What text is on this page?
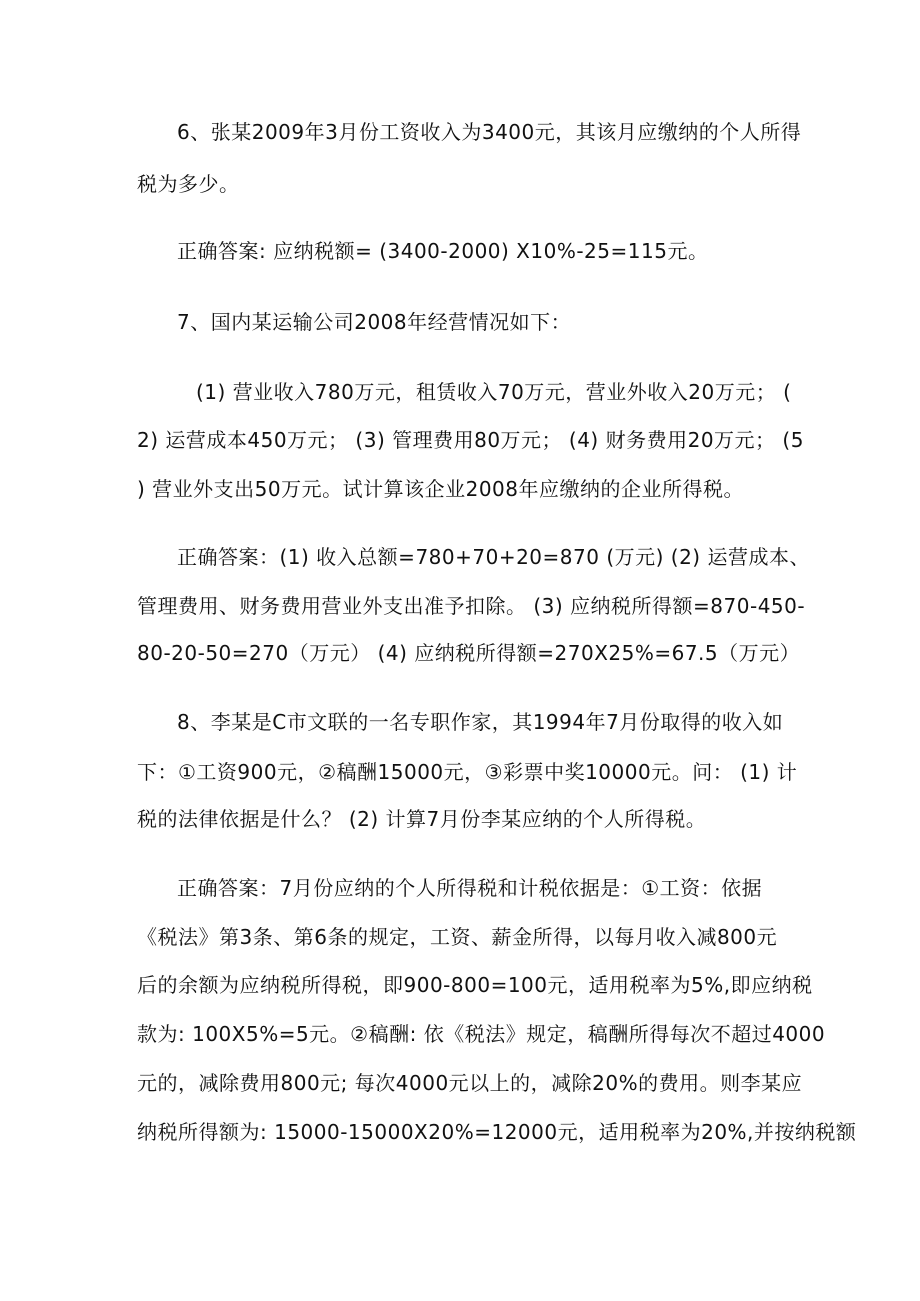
6、张某2009年3月份工资收入为3400元，其该月应缴纳的个人所得
税为多少。
正确答案: 应纳税额= (3400-2000) X10%-25=115元。
7、国内某运输公司2008年经营情况如下：
(1) 营业收入780万元，租赁收入70万元，营业外收入20万元； (
2) 运营成本450万元； (3) 管理费用80万元； (4) 财务费用20万元； (5
) 营业外支出50万元。试计算该企业2008年应缴纳的企业所得税。
正确答案：(1) 收入总额=780+70+20=870 (万元) (2) 运营成本、
管理费用、财务费用营业外支出准予扣除。 (3) 应纳税所得额=870-450-
80-20-50=270（万元） (4) 应纳税所得额=270X25%=67.5（万元）
8、李某是C市文联的一名专职作家，其1994年7月份取得的收入如
下：①工资900元，②稿酬15000元，③彩票中奖10000元。问： (1) 计
税的法律依据是什么？ (2) 计算7月份李某应纳的个人所得税。
正确答案：7月份应纳的个人所得税和计税依据是：①工资：依据
《税法》第3条、第6条的规定，工资、薪金所得，以每月收入减800元
后的余额为应纳税所得税，即900-800=100元，适用税率为5%,即应纳税
款为: 100X5%=5元。②稿酬: 依《税法》规定，稿酬所得每次不超过4000
元的，减除费用800元; 每次4000元以上的，减除20%的费用。则李某应
纳税所得额为: 15000-15000X20%=12000元，适用税率为20%,并按纳税额
